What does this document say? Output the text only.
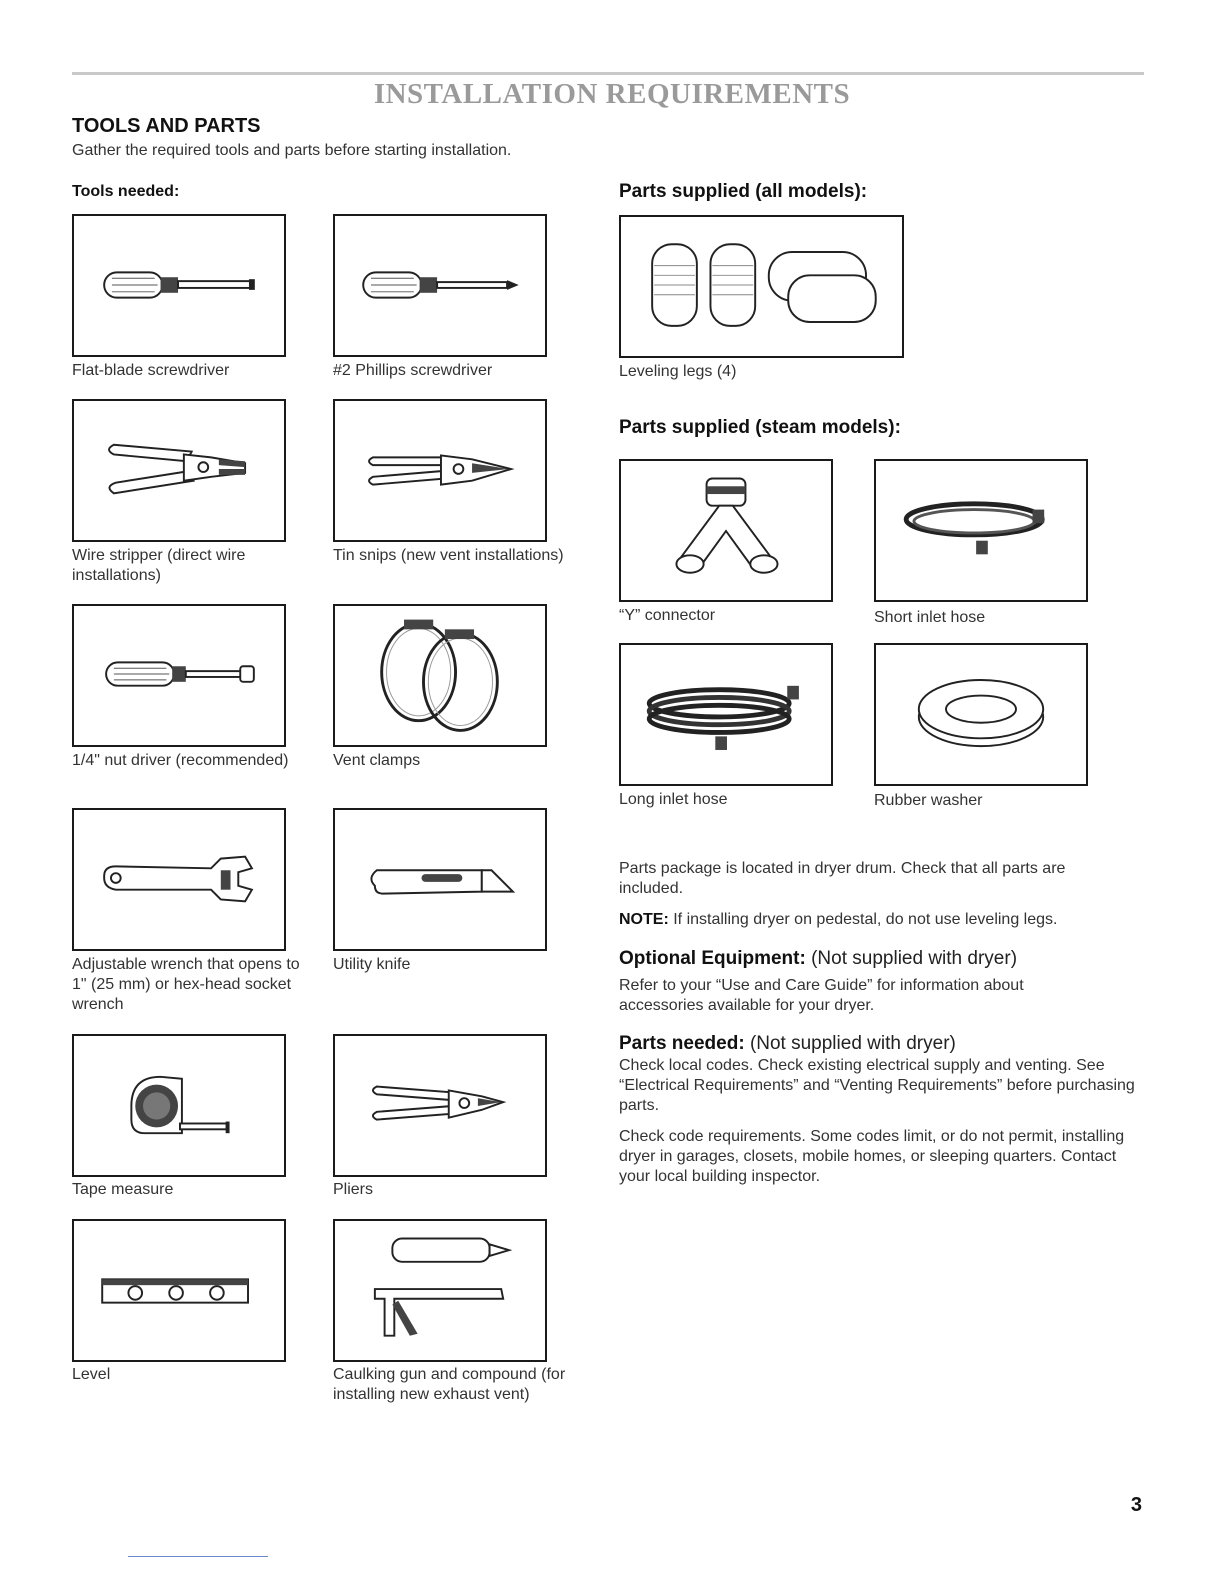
INSTALLATION REQUIREMENTS
TOOLS AND PARTS
Gather the required tools and parts before starting installation.
Tools needed:	Parts supplied (all models):
Parts supplied (steam models):
Flat-blade screwdriver	#2 Phillips screwdriver
Wire stripper (direct wire installations)
Tin snips (new vent installations)
1/4" nut driver (recommended)	Vent clamps
Adjustable wrench that opens to 1" (25 mm) or hex-head socket wrench
Utility knife
Tape measure	Pliers
Level	Caulking gun and compound (for installing new exhaust vent)
Leveling legs (4)
“Y” connector	Short inlet hose
Long inlet hose	Rubber washer
Parts package is located in dryer drum. Check that all parts are included.
NOTE: If installing dryer on pedestal, do not use leveling legs.
Optional Equipment: (Not supplied with dryer)
Refer to your “Use and Care Guide” for information about accessories available for your dryer.
Parts needed: (Not supplied with dryer)
Check local codes. Check existing electrical supply and venting. See “Electrical Requirements” and “Venting Requirements” before purchasing parts.
Check code requirements. Some codes limit, or do not permit, installing dryer in garages, closets, mobile homes, or sleeping quarters. Contact your local building inspector.
3
